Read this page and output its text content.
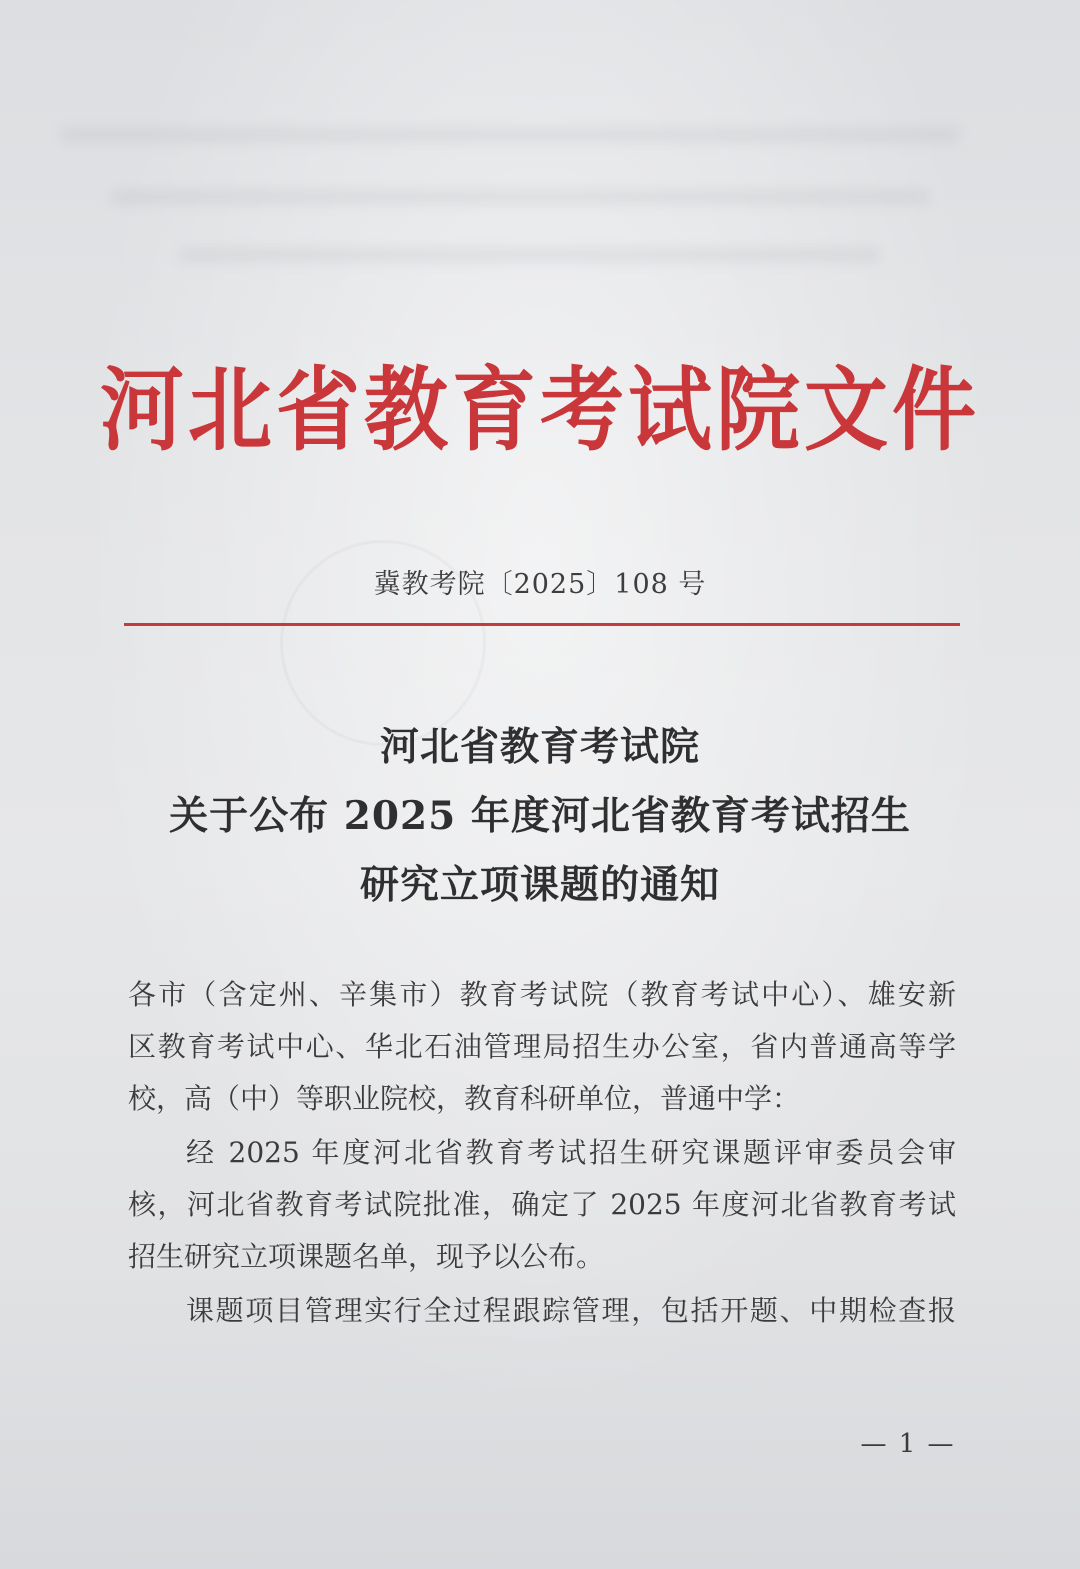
河北省教育考试院文件
冀教考院〔2025〕108 号
河北省教育考试院
关于公布 2025 年度河北省教育考试招生
研究立项课题的通知
各市（含定州、辛集市）教育考试院（教育考试中心）、雄安新
区教育考试中心、华北石油管理局招生办公室，省内普通高等学
校，高（中）等职业院校，教育科研单位，普通中学：
经 2025 年度河北省教育考试招生研究课题评审委员会审
核，河北省教育考试院批准，确定了 2025 年度河北省教育考试
招生研究立项课题名单，现予以公布。
课题项目管理实行全过程跟踪管理，包括开题、中期检查报
— 1 —
